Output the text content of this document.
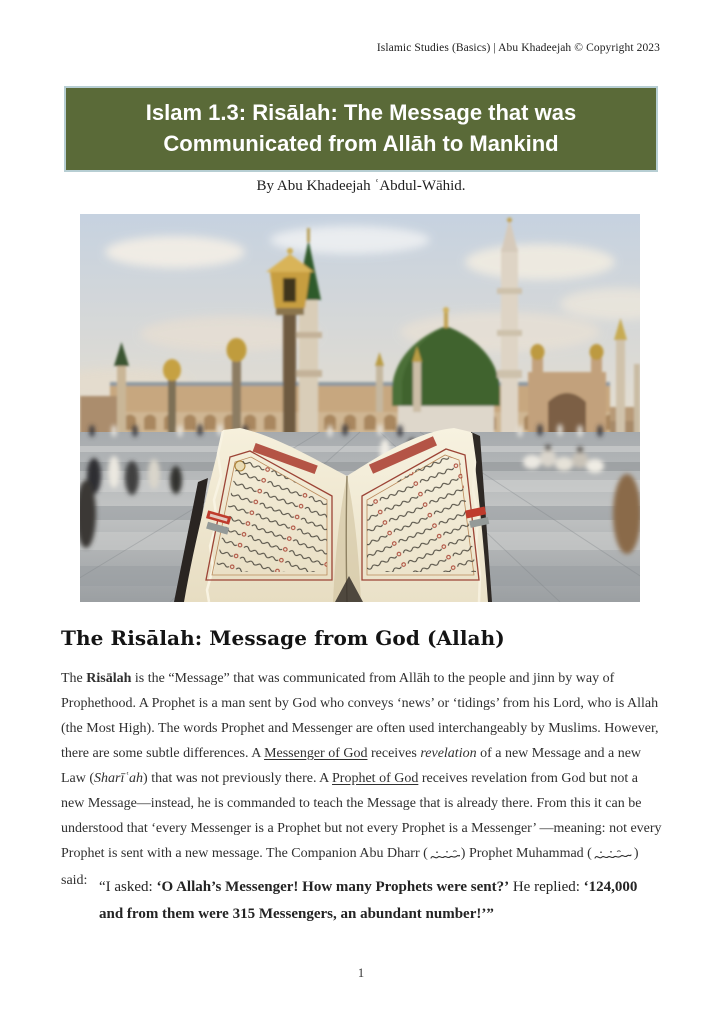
Islamic Studies (Basics) | Abu Khadeejah © Copyright 2023
Islam 1.3: Risālah: The Message that was
Communicated from Allāh to Mankind
By Abu Khadeejah ʿAbdul-Wāhid.
The Risālah: Message from God (Allah)

The Risālah is the “Message” that was communicated from Allāh to the people and jinn by way of Prophethood. A Prophet is a man sent by God who conveys ‘news’ or ‘tidings’ from his Lord, who is Allah (the Most High). The words Prophet and Messenger are often used interchangeably by Muslims. However, there are some subtle differences. A Messenger of God receives revelation of a new Message and a new Law (Sharīʿah) that was not previously there. A Prophet of God receives revelation from God but not a new Message—instead, he is commanded to teach the Message that is already there. From this it can be understood that ‘every Messenger is a Prophet but not every Prophet is a Messenger’ —meaning: not every Prophet is sent with a new message. The Companion Abu Dharr ( ) Prophet Muhammad (	) said: “I asked: ‘O Allah’s Messenger! How many Prophets were sent?’ He replied: ‘124,000 and from them were 315 Messengers, an abundant number!’”

1
